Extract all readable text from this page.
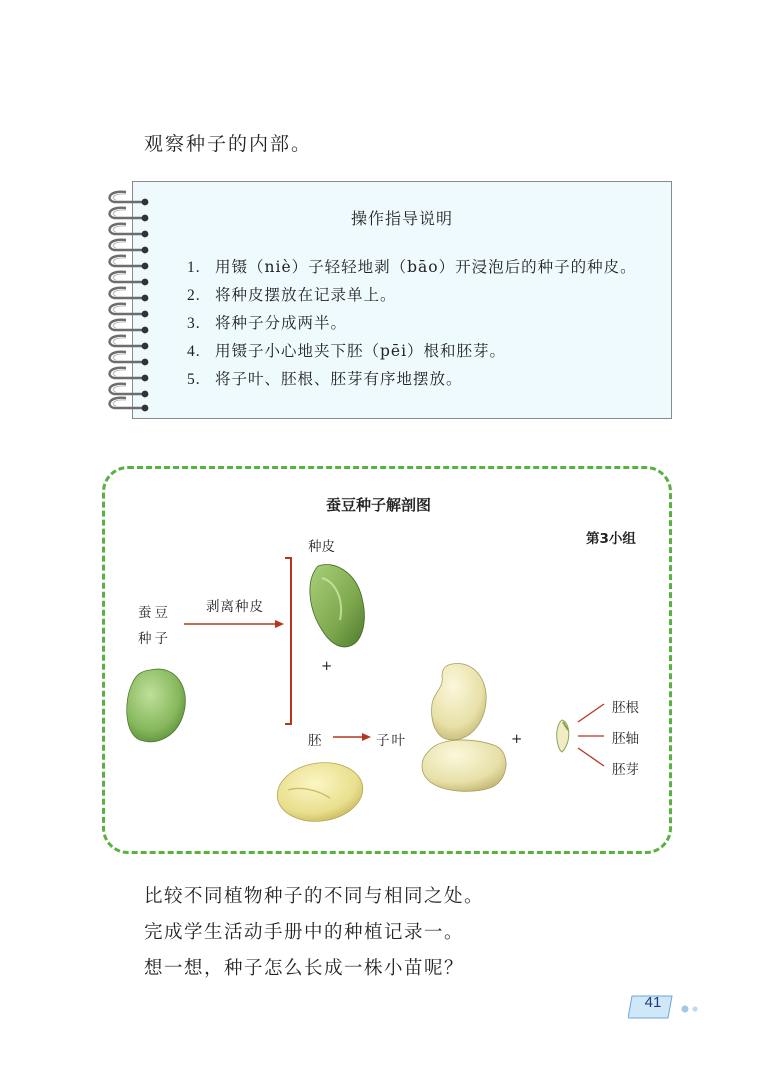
观察种子的内部。
操作指导说明
1. 用镊（niè）子轻轻地剥（bāo）开浸泡后的种子的种皮。
2. 将种皮摆放在记录单上。
3. 将种子分成两半。
4. 用镊子小心地夹下胚（pēi）根和胚芽。
5. 将子叶、胚根、胚芽有序地摆放。
蚕豆种子解剖图
第3小组
蚕豆
种子
剥离种皮
种皮
+
胚	子叶	+
胚根
胚轴
胚芽
比较不同植物种子的不同与相同之处。
完成学生活动手册中的种植记录一。
想一想，种子怎么长成一株小苗呢？
41
